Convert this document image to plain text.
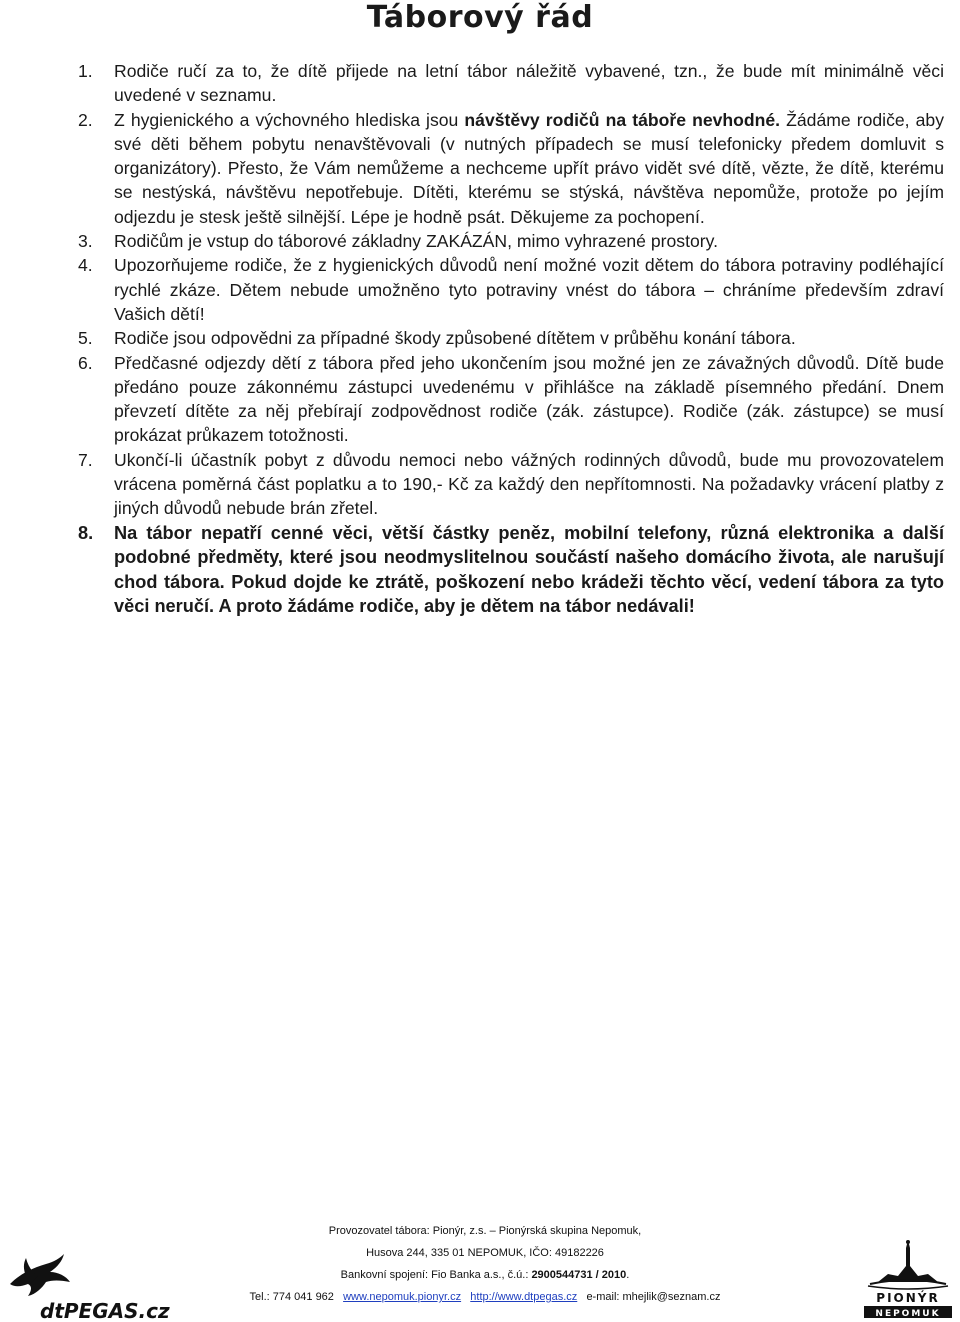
Táborový řád
1. Rodiče ručí za to, že dítě přijede na letní tábor náležitě vybavené, tzn., že bude mít minimálně věci uvedené v seznamu.
2. Z hygienického a výchovného hlediska jsou návštěvy rodičů na táboře nevhodné. Žádáme rodiče, aby své děti během pobytu nenavštěvovali (v nutných případech se musí telefonicky předem domluvit s organizátory). Přesto, že Vám nemůžeme a nechceme upřít právo vidět své dítě, vězte, že dítě, kterému se nestýská, návštěvu nepotřebuje. Dítěti, kterému se stýská, návštěva nepomůže, protože po jejím odjezdu je stesk ještě silnější. Lépe je hodně psát. Děkujeme za pochopení.
3. Rodičům je vstup do táborové základny ZAKÁZÁN, mimo vyhrazené prostory.
4. Upozorňujeme rodiče, že z hygienických důvodů není možné vozit dětem do tábora potraviny podléhající rychlé zkáze. Dětem nebude umožněno tyto potraviny vnést do tábora – chráníme především zdraví Vašich dětí!
5. Rodiče jsou odpovědni za případné škody způsobené dítětem v průběhu konání tábora.
6. Předčasné odjezdy dětí z tábora před jeho ukončením jsou možné jen ze závažných důvodů. Dítě bude předáno pouze zákonnému zástupci uvedenému v přihlášce na základě písemného předání. Dnem převzetí dítěte za něj přebírají zodpovědnost rodiče (zák. zástupce). Rodiče (zák. zástupce) se musí prokázat průkazem totožnosti.
7. Ukončí-li účastník pobyt z důvodu nemoci nebo vážných rodinných důvodů, bude mu provozovatelem vrácena poměrná část poplatku a to 190,- Kč za každý den nepřítomnosti. Na požadavky vrácení platby z jiných důvodů nebude brán zřetel.
8. Na tábor nepatří cenné věci, větší částky peněz, mobilní telefony, různá elektronika a další podobné předměty, které jsou neodmyslitelnou součástí našeho domácího života, ale narušují chod tábora. Pokud dojde ke ztrátě, poškození nebo krádeži těchto věcí, vedení tábora za tyto věci neručí. A proto žádáme rodiče, aby je dětem na tábor nedávali!
dtPEGAS.cz
Provozovatel tábora: Pionýr, z.s. – Pionýrská skupina Nepomuk,
Husova 244, 335 01 NEPOMUK, IČO: 49182226
Bankovní spojení: Fio Banka a.s., č.ú.: 2900544731 / 2010.
Tel.: 774 041 962 www.nepomuk.pionyr.cz http://www.dtpegas.cz e-mail: mhejlik@seznam.cz	PIONÝR
NEPOMUK
